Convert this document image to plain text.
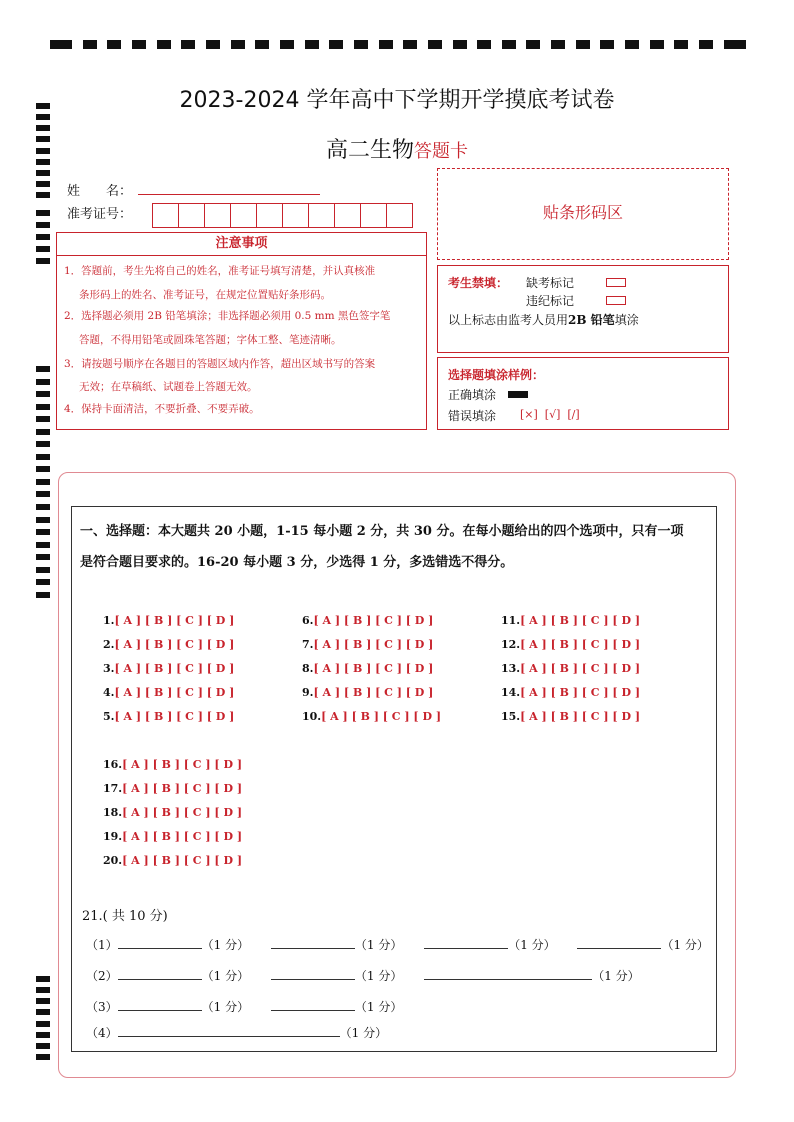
2023-2024 学年高中下学期开学摸底考试卷
高二生物答题卡
姓　　名：
准考证号：
注意事项
1．答题前，考生先将自己的姓名，准考证号填写清楚，并认真核准
条形码上的姓名、准考证号，在规定位置贴好条形码。
2．选择题必须用 2B 铅笔填涂；非选择题必须用 0.5 mm 黑色签字笔
答题，不得用铅笔或圆珠笔答题；字体工整、笔迹清晰。
3．请按题号顺序在各题目的答题区域内作答，超出区域书写的答案
无效；在草稿纸、试题卷上答题无效。
4．保持卡面清洁，不要折叠、不要弄破。
贴条形码区
考生禁填： 缺考标记
违纪标记
以上标志由监考人员用2B 铅笔填涂
选择题填涂样例：
正确填涂
错误填涂 [×]  [√]  [/]
一、选择题：本大题共 20 小题，1-15 每小题 2 分，共 30 分。在每小题给出的四个选项中，只有一项
是符合题目要求的。16-20 每小题 3 分，少选得 1 分，多选错选不得分。
1.[ A ] [ B ] [ C ] [ D ]
2.[ A ] [ B ] [ C ] [ D ]
3.[ A ] [ B ] [ C ] [ D ]
4.[ A ] [ B ] [ C ] [ D ]
5.[ A ] [ B ] [ C ] [ D ]
6.[ A ] [ B ] [ C ] [ D ]
7.[ A ] [ B ] [ C ] [ D ]
8.[ A ] [ B ] [ C ] [ D ]
9.[ A ] [ B ] [ C ] [ D ]
10.[ A ] [ B ] [ C ] [ D ]
11.[ A ] [ B ] [ C ] [ D ]
12.[ A ] [ B ] [ C ] [ D ]
13.[ A ] [ B ] [ C ] [ D ]
14.[ A ] [ B ] [ C ] [ D ]
15.[ A ] [ B ] [ C ] [ D ]
16.[ A ] [ B ] [ C ] [ D ]
17.[ A ] [ B ] [ C ] [ D ]
18.[ A ] [ B ] [ C ] [ D ]
19.[ A ] [ B ] [ C ] [ D ]
20.[ A ] [ B ] [ C ] [ D ]
21.( 共 10 分)
（1）	（1 分）	（1 分）	（1 分）	（1 分）
（2）	（1 分）	（1 分）	（1 分）
（3）	（1 分）	（1 分）
（4）	（1 分）
